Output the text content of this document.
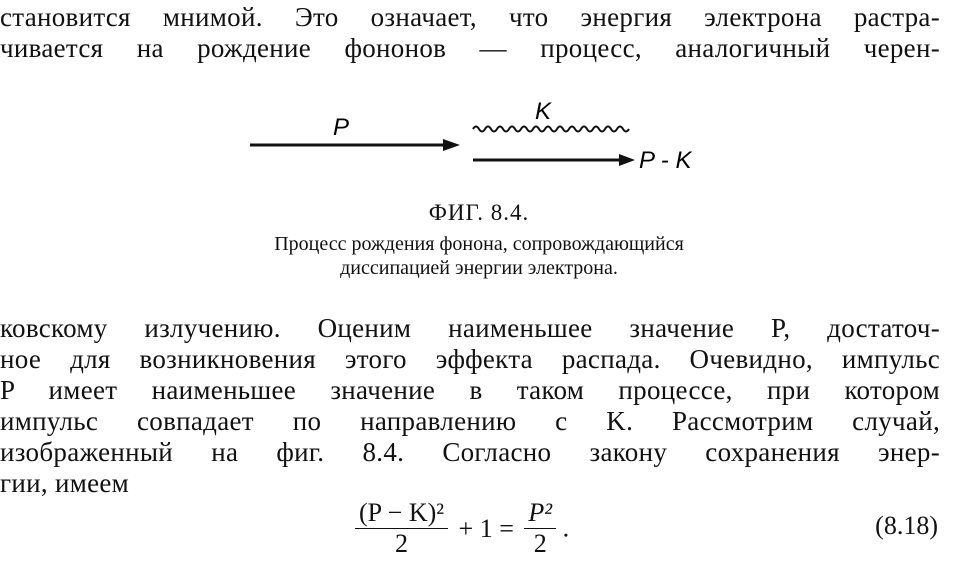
становится мнимой. Это означает, что энергия электрона растра-
чивается на рождение фононов — процесс, аналогичный черен-
P
K
P - K
ФИГ. 8.4.
Процесс рождения фонона, сопровождающийся
диссипацией энергии электрона.
ковскому излучению. Оценим наименьшее значение P, достаточ-
ное для возникновения этого эффекта распада. Очевидно, импульс
P имеет наименьшее значение в таком процессе, при котором
импульс совпадает по направлению с K. Рассмотрим случай,
изображенный на фиг. 8.4. Согласно закону сохранения энер-
гии, имеем
$\frac{\text{(P − K)²}}{2} + 1 = \frac{\text{P²}}{2}$ .	(8.18)
